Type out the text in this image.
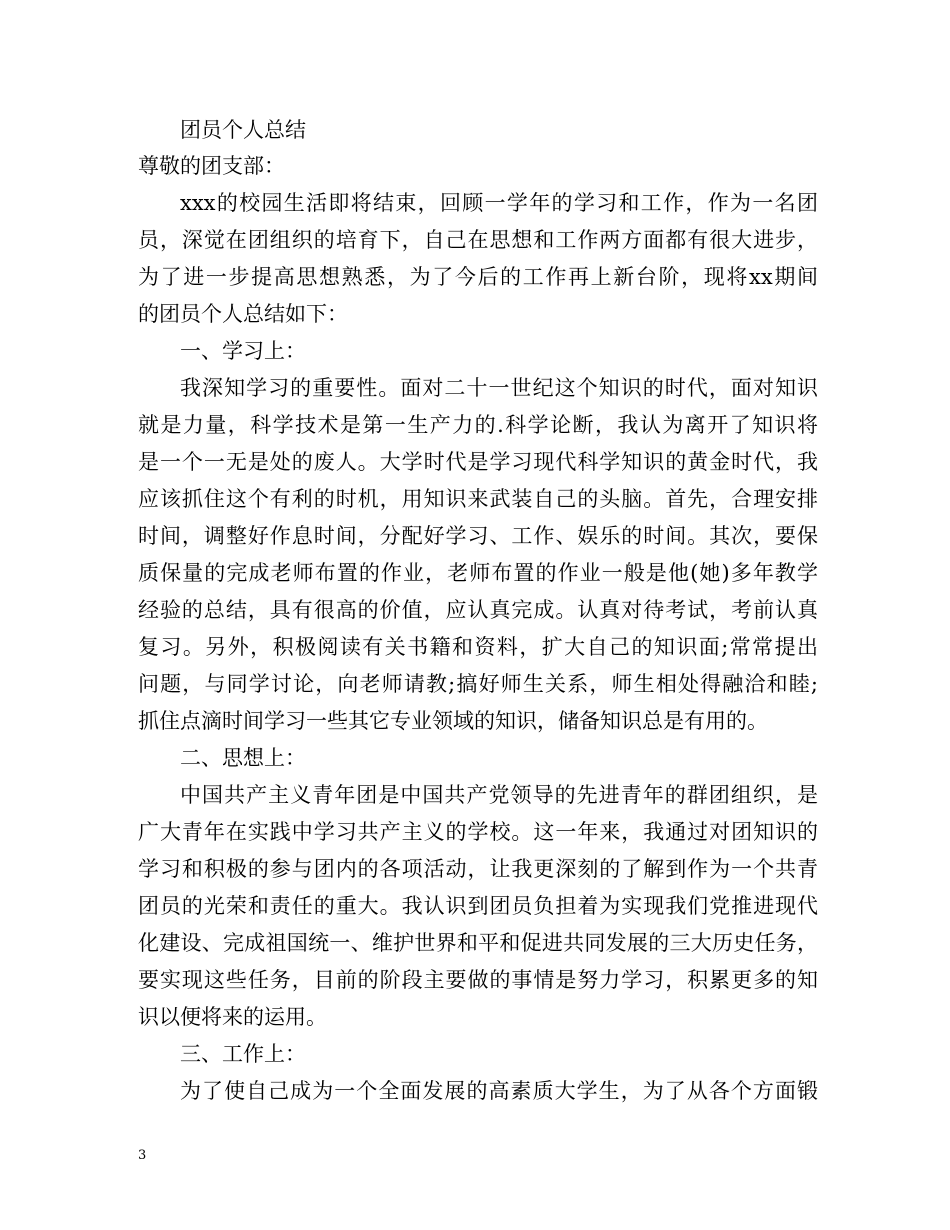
团员个人总结
尊敬的团支部：
xxx的校园生活即将结束，回顾一学年的学习和工作，作为一名团
员，深觉在团组织的培育下，自己在思想和工作两方面都有很大进步，
为了进一步提高思想熟悉，为了今后的工作再上新台阶，现将xx期间
的团员个人总结如下：
一、学习上：
我深知学习的重要性。面对二十一世纪这个知识的时代，面对知识
就是力量，科学技术是第一生产力的.科学论断，我认为离开了知识将
是一个一无是处的废人。大学时代是学习现代科学知识的黄金时代，我
应该抓住这个有利的时机，用知识来武装自己的头脑。首先，合理安排
时间，调整好作息时间，分配好学习、工作、娱乐的时间。其次，要保
质保量的完成老师布置的作业，老师布置的作业一般是他(她)多年教学
经验的总结，具有很高的价值，应认真完成。认真对待考试，考前认真
复习。另外，积极阅读有关书籍和资料，扩大自己的知识面;常常提出
问题，与同学讨论，向老师请教;搞好师生关系，师生相处得融洽和睦;
抓住点滴时间学习一些其它专业领域的知识，储备知识总是有用的。
二、思想上：
中国共产主义青年团是中国共产党领导的先进青年的群团组织，是
广大青年在实践中学习共产主义的学校。这一年来，我通过对团知识的
学习和积极的参与团内的各项活动，让我更深刻的了解到作为一个共青
团员的光荣和责任的重大。我认识到团员负担着为实现我们党推进现代
化建设、完成祖国统一、维护世界和平和促进共同发展的三大历史任务，
要实现这些任务，目前的阶段主要做的事情是努力学习，积累更多的知
识以便将来的运用。
三、工作上：
为了使自己成为一个全面发展的高素质大学生，为了从各个方面锻
3
